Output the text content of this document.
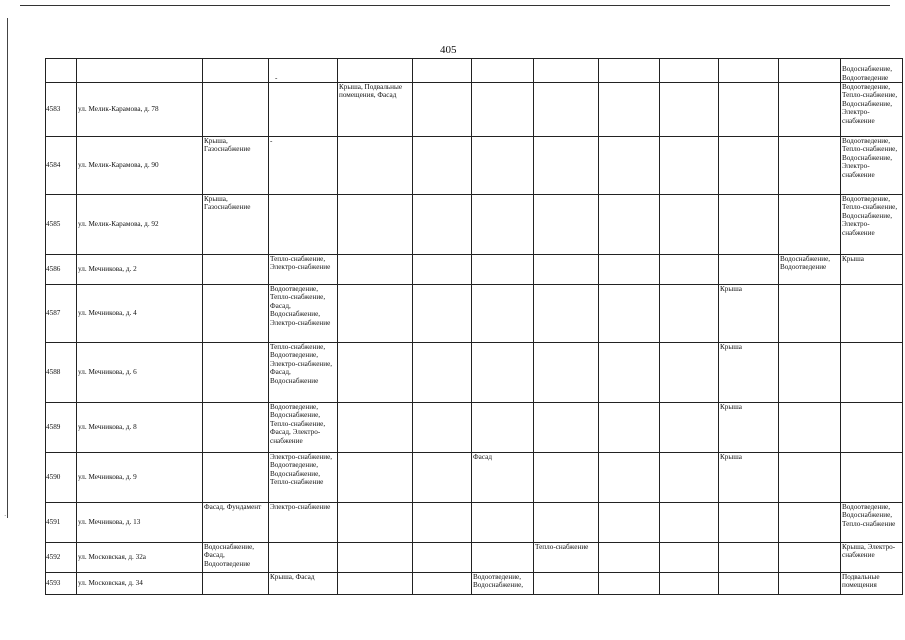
405
			-									Водоснабжение, Водоотведение
4583	ул. Мелик-Карамова, д. 78			Крыша, Подвальные помещения, Фасад								Водоотведение, Тепло-снабжение, Водоснабжение, Электро-снабжение
4584	ул. Мелик-Карамова, д. 90	Крыша, Газоснабжение	-									Водоотведение, Тепло-снабжение, Водоснабжение, Электро-снабжение
4585	ул. Мелик-Карамова, д. 92	Крыша, Газоснабжение										Водоотведение, Тепло-снабжение, Водоснабжение, Электро-снабжение
4586	ул. Мечникова, д. 2		Тепло-снабжение, Электро-снабжение								Водоснабжение, Водоотведение	Крыша
4587	ул. Мечникова, д. 4		Водоотведение, Тепло-снабжение, Фасад, Водоснабжение, Электро-снабжение							Крыша		
4588	ул. Мечникова, д. 6		Тепло-снабжение, Водоотведение, Электро-снабжение, Фасад, Водоснабжение							Крыша		
4589	ул. Мечникова, д. 8		Водоотведение, Водоснабжение, Тепло-снабжение, Фасад, Электро-снабжение							Крыша		
4590	ул. Мечникова, д. 9		Электро-снабжение, Водоотведение, Водоснабжение, Тепло-снабжение			Фасад				Крыша		
4591	ул. Мечникова, д. 13	Фасад, Фундамент	Электро-снабжение									Водоотведение, Водоснабжение, Тепло-снабжение
4592	ул. Московская, д. 32а	Водоснабжение, Фасад, Водоотведение					Тепло-снабжение					Крыша, Электро-снабжение
4593	ул. Московская, д. 34		Крыша, Фасад			Водоотведение, Водоснабжение,						Подвальные помещения
·
